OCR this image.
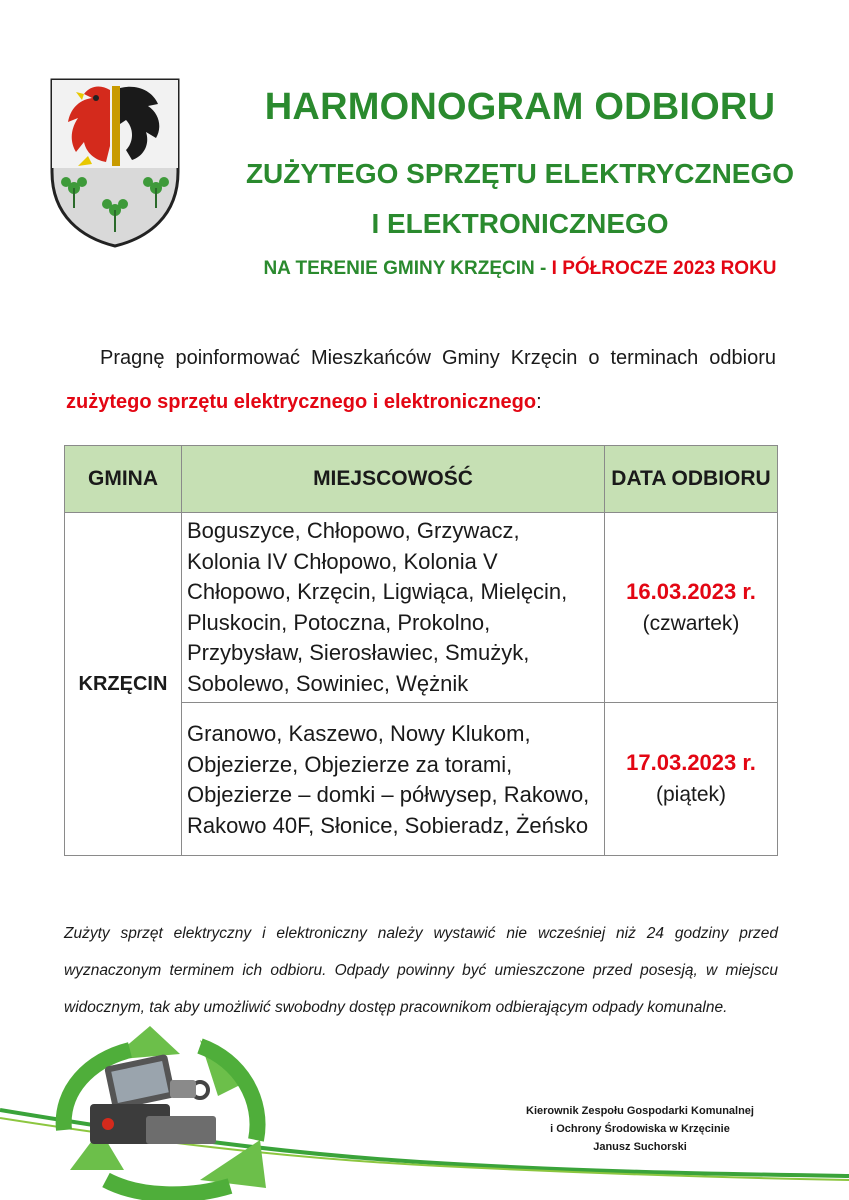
HARMONOGRAM ODBIORU
ZUŻYTEGO SPRZĘTU ELEKTRYCZNEGO
I ELEKTRONICZNEGO
NA TERENIE GMINY KRZĘCIN - I PÓŁROCZE 2023 ROKU
Pragnę poinformować Mieszkańców Gminy Krzęcin o terminach odbioru zużytego sprzętu elektrycznego i elektronicznego:
GMINA	MIEJSCOWOŚĆ	DATA ODBIORU
KRZĘCIN	Boguszyce, Chłopowo, Grzywacz, Kolonia IV Chłopowo, Kolonia V Chłopowo, Krzęcin, Ligwiąca, Mielęcin, Pluskocin, Potoczna, Prokolno, Przybysław, Sierosławiec, Smużyk, Sobolewo, Sowiniec, Wężnik	16.03.2023 r.
(czwartek)

	Granowo, Kaszewo, Nowy Klukom, Objezierze, Objezierze za torami, Objezierze – domki – półwysep, Rakowo, Rakowo 40F, Słonice, Sobieradz, Żeńsko	17.03.2023 r.
(piątek)
Zużyty sprzęt elektryczny i elektroniczny należy wystawić nie wcześniej niż 24 godziny przed wyznaczonym terminem ich odbioru. Odpady powinny być umieszczone przed posesją, w miejscu widocznym, tak aby umożliwić swobodny dostęp pracownikom odbierającym odpady komunalne.
Kierownik Zespołu Gospodarki Komunalnej
i Ochrony Środowiska w Krzęcinie
Janusz Suchorski
